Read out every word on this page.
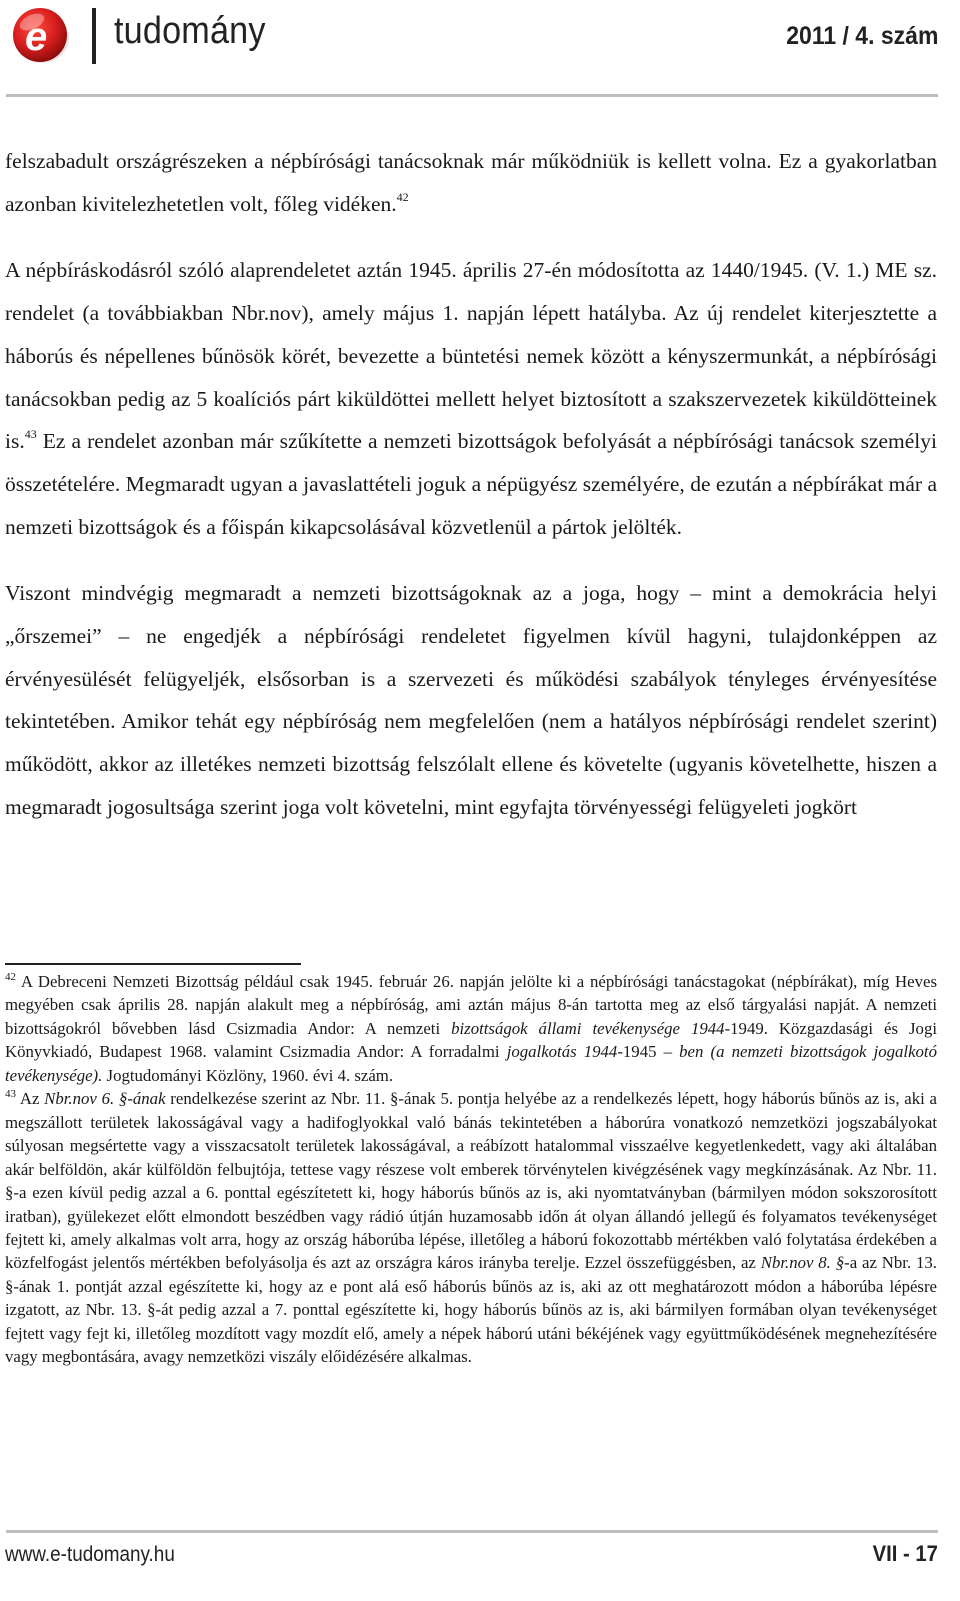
e tudomány	2011 / 4. szám

felszabadult országrészeken a népbírósági tanácsoknak már működniük is kellett volna. Ez a gyakorlatban azonban kivitelezhetetlen volt, főleg vidéken.$^{42}$

A népbíráskodásról szóló alaprendeletet aztán 1945. április 27-én módosította az 1440/1945. (V. 1.) ME sz. rendelet (a továbbiakban Nbr.nov), amely május 1. napján lépett hatályba. Az új rendelet kiterjesztette a háborús és népellenes bűnösök körét, bevezette a büntetési nemek között a kényszermunkát, a népbírósági tanácsokban pedig az 5 koalíciós párt kiküldöttei mellett helyet biztosított a szakszervezetek kiküldötteinek is.$^{43}$ Ez a rendelet azonban már szűkítette a nemzeti bizottságok befolyását a népbírósági tanácsok személyi összetételére. Megmaradt ugyan a javaslattételi joguk a népügyész személyére, de ezután a népbírákat már a nemzeti bizottságok és a főispán kikapcsolásával közvetlenül a pártok jelölték.

Viszont mindvégig megmaradt a nemzeti bizottságoknak az a joga, hogy – mint a demokrácia helyi „őrszemei” – ne engedjék a népbírósági rendeletet figyelmen kívül hagyni, tulajdonképpen az érvényesülését felügyeljék, elsősorban is a szervezeti és működési szabályok tényleges érvényesítése tekintetében. Amikor tehát egy népbíróság nem megfelelően (nem a hatályos népbírósági rendelet szerint) működött, akkor az illetékes nemzeti bizottság felszólalt ellene és követelte (ugyanis követelhette, hiszen a megmaradt jogosultsága szerint joga volt követelni, mint egyfajta törvényességi felügyeleti jogkört

$^{42}$ A Debreceni Nemzeti Bizottság például csak 1945. február 26. napján jelölte ki a népbírósági tanácstagokat (népbírákat), míg Heves megyében csak április 28. napján alakult meg a népbíróság, ami aztán május 8-án tartotta meg az első tárgyalási napját. A nemzeti bizottságokról bővebben lásd Csizmadia Andor: A nemzeti bizottságok állami tevékenysége 1944-1949. Közgazdasági és Jogi Könyvkiadó, Budapest 1968. valamint Csizmadia Andor: A forradalmi jogalkotás 1944-1945 – ben (a nemzeti bizottságok jogalkotó tevékenysége). Jogtudományi Közlöny, 1960. évi 4. szám.

$^{43}$ Az Nbr.nov 6. §-ának rendelkezése szerint az Nbr. 11. §-ának 5. pontja helyébe az a rendelkezés lépett, hogy háborús bűnös az is, aki a megszállott területek lakosságával vagy a hadifoglyokkal való bánás tekintetében a háborúra vonatkozó nemzetközi jogszabályokat súlyosan megsértette vagy a visszacsatolt területek lakosságával, a reábízott hatalommal visszaélve kegyetlenkedett, vagy aki általában akár belföldön, akár külföldön felbujtója, tettese vagy részese volt emberek törvénytelen kivégzésének vagy megkínzásának. Az Nbr. 11. §-a ezen kívül pedig azzal a 6. ponttal egészítetett ki, hogy háborús bűnös az is, aki nyomtatványban (bármilyen módon sokszorosított iratban), gyülekezet előtt elmondott beszédben vagy rádió útján huzamosabb időn át olyan állandó jellegű és folyamatos tevékenységet fejtett ki, amely alkalmas volt arra, hogy az ország háborúba lépése, illetőleg a háború fokozottabb mértékben való folytatása érdekében a közfelfogást jelentős mértékben befolyásolja és azt az országra káros irányba terelje. Ezzel összefüggésben, az Nbr.nov 8. §-a az Nbr. 13. §-ának 1. pontját azzal egészítette ki, hogy az e pont alá eső háborús bűnös az is, aki az ott meghatározott módon a háborúba lépésre izgatott, az Nbr. 13. §-át pedig azzal a 7. ponttal egészítette ki, hogy háborús bűnös az is, aki bármilyen formában olyan tevékenységet fejtett vagy fejt ki, illetőleg mozdított vagy mozdít elő, amely a népek háború utáni békéjének vagy együttműködésének megnehezítésére vagy megbontására, avagy nemzetközi viszály előidézésére alkalmas.

www.e-tudomany.hu	VII - 17
